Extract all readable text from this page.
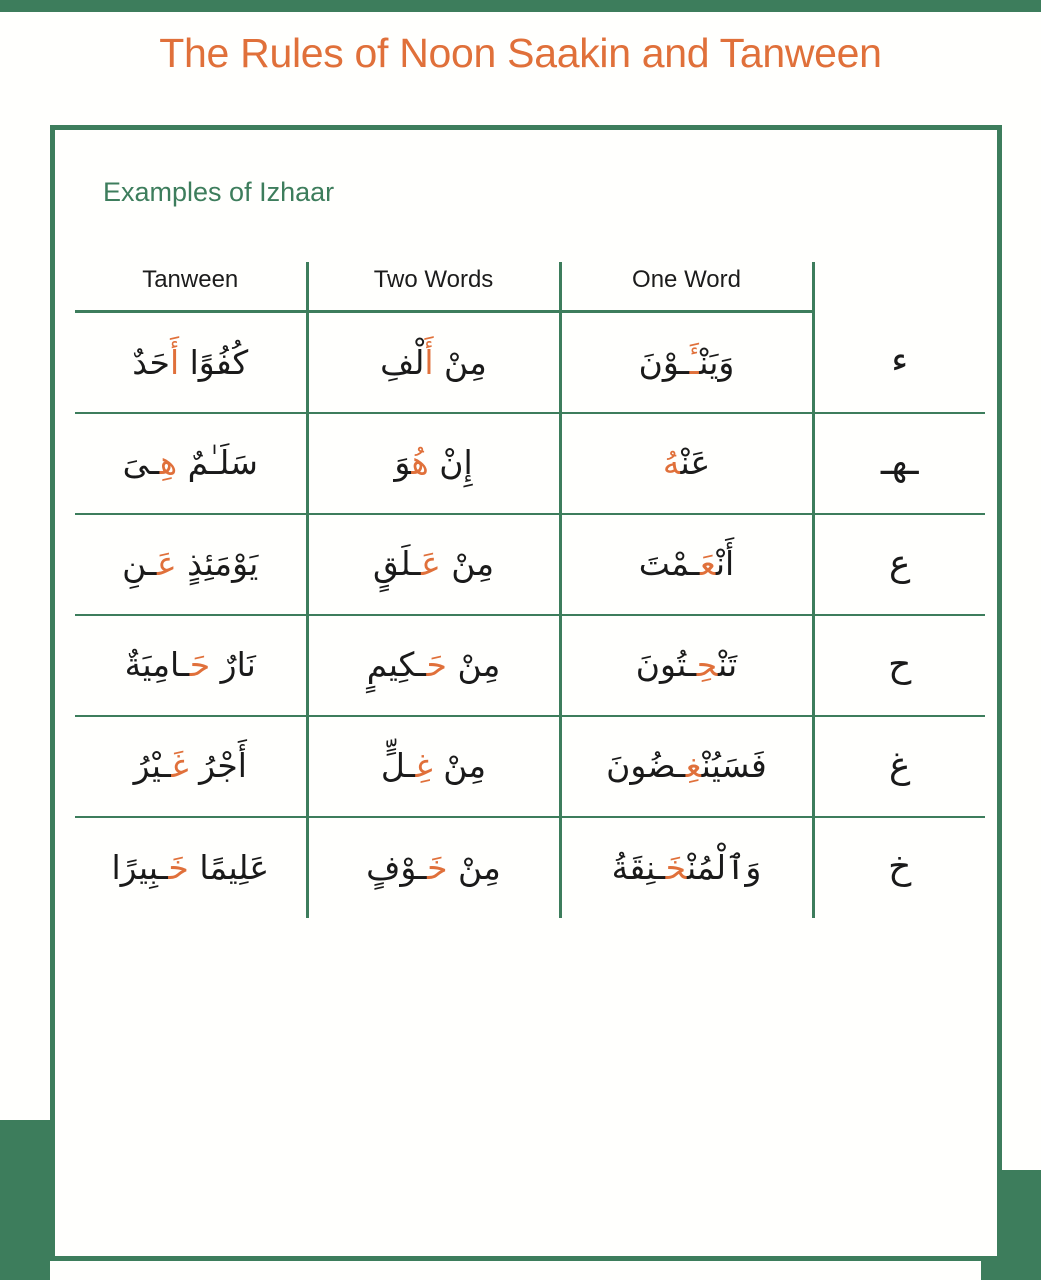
The Rules of Noon Saakin and Tanween
Examples of Izhaar
Tanween	Two Words	One Word	
كُفُوًا أَحَدٌ	مِنْ أَلْفِ	وَيَنْـَٔـوْنَ	ء
سَلَـٰمٌ هِـىَ	إِنْ هُوَ	عَنْهُ	ـهـ
يَوْمَئِذٍ عَـنِ	مِنْ عَـلَقٍ	أَنْعَـمْتَ	ع
نَارٌ حَـامِيَةٌ	مِنْ حَـكِيمٍ	تَنْحِـتُونَ	ح
أَجْرُ غَـيْرُ	مِنْ غِـلٍّ	فَسَيُنْغِـضُونَ	غ
عَلِيمًا خَـبِيرًا	مِنْ خَـوْفٍ	وَٱلْمُنْخَـنِقَةُ	خ
